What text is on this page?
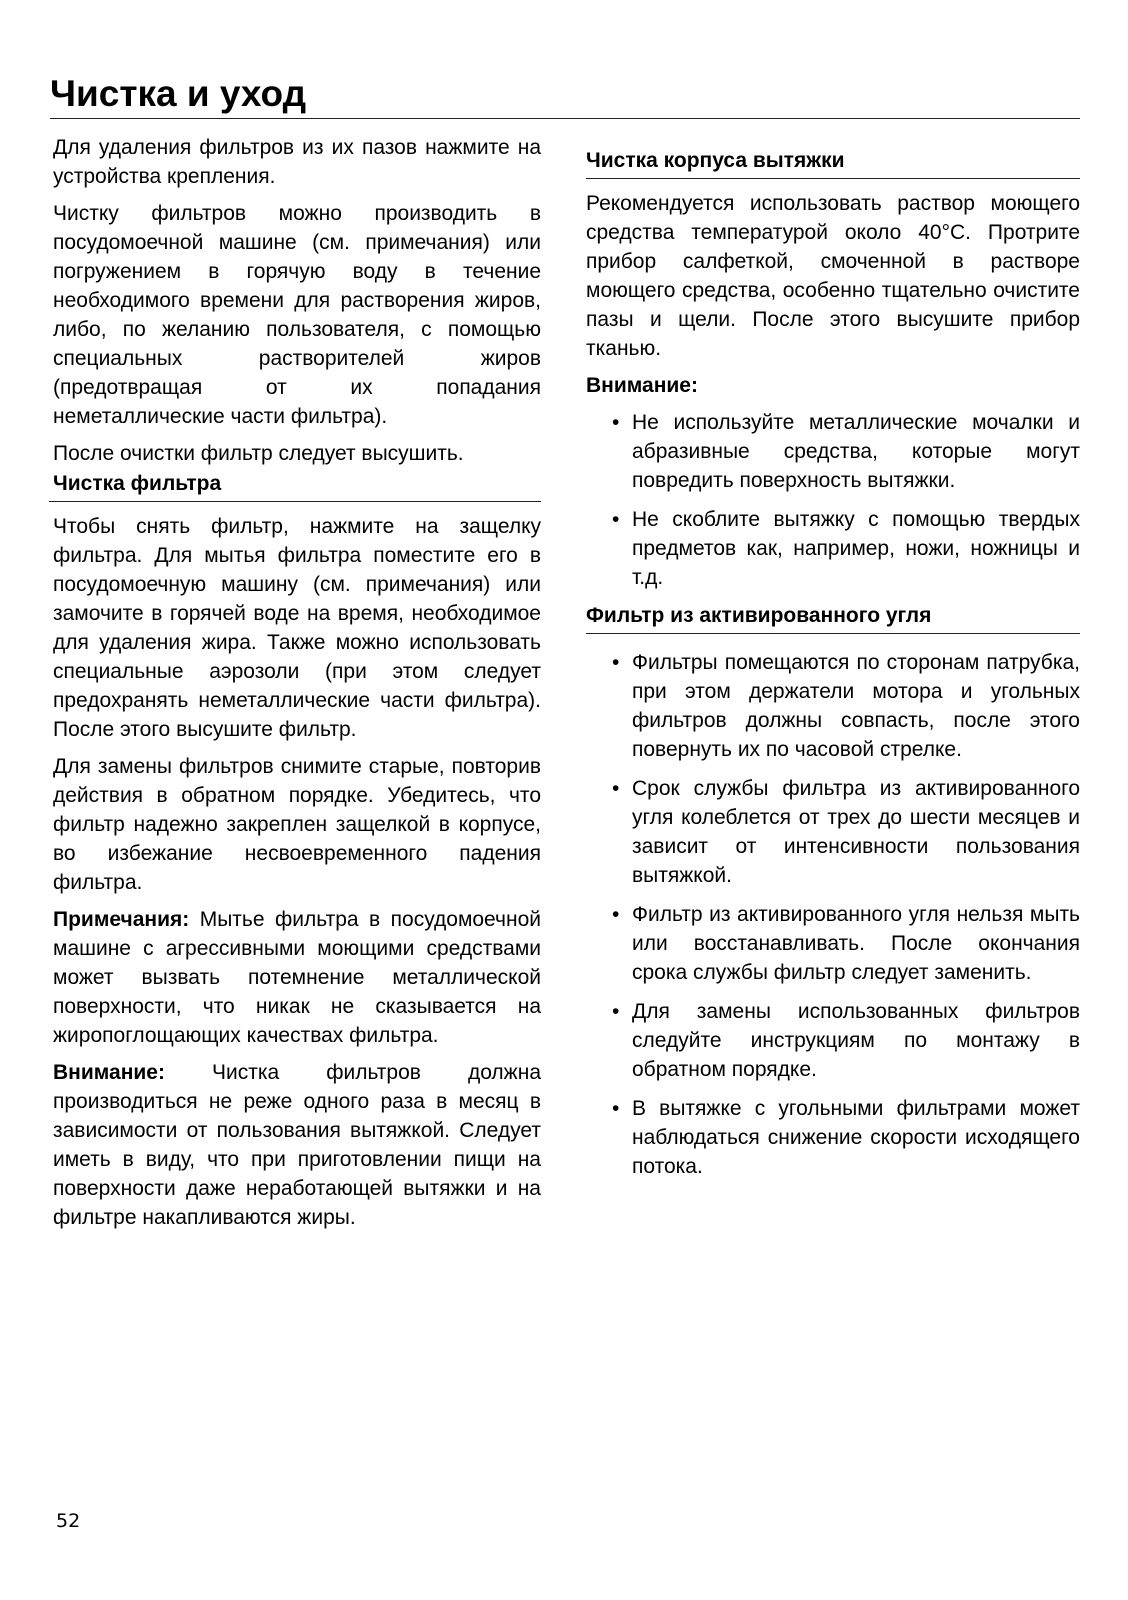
Чистка и уход

Для удаления фильтров из их пазов нажмите на устройства крепления.

Чистку фильтров можно производить в посудомоечной машине (см. примечания) или погружением в горячую воду в течение необходимого времени для растворения жиров, либо, по желанию пользователя, с помощью специальных растворителей жиров (предотвращая от их попадания неметаллические части фильтра).

После очистки фильтр следует высушить.

Чистка фильтра

Чтобы снять фильтр, нажмите на защелку фильтра. Для мытья фильтра поместите его в посудомоечную машину (см. примечания) или замочите в горячей воде на время, необходимое для удаления жира. Также можно использовать специальные аэрозоли (при этом следует предохранять неметаллические части фильтра). После этого высушите фильтр.

Для замены фильтров снимите старые, повторив действия в обратном порядке. Убедитесь, что фильтр надежно закреплен защелкой в корпусе, во избежание несвоевременного падения фильтра.

Примечания: Мытье фильтра в посудомоечной машине с агрессивными моющими средствами может вызвать потемнение металлической поверхности, что никак не сказывается на жиропоглощающих качествах фильтра.

Внимание: Чистка фильтров должна производиться не реже одного раза в месяц в зависимости от пользования вытяжкой. Следует иметь в виду, что при приготовлении пищи на поверхности даже неработающей вытяжки и на фильтре накапливаются жиры.

Чистка корпуса вытяжки

Рекомендуется использовать раствор моющего средства температурой около 40°C. Протрите прибор салфеткой, смоченной в растворе моющего средства, особенно тщательно очистите пазы и щели. После этого высушите прибор тканью.

Внимание:

• Не используйте металлические мочалки и абразивные средства, которые могут повредить поверхность вытяжки.
• Не скоблите вытяжку с помощью твердых предметов как, например, ножи, ножницы и т.д.
Фильтр из активированного угля
• Фильтры помещаются по сторонам патрубка, при этом держатели мотора и угольных фильтров должны совпасть, после этого повернуть их по часовой стрелке.
• Срок службы фильтра из активированного угля колеблется от трех до шести месяцев и зависит от интенсивности пользования вытяжкой.
• Фильтр из активированного угля нельзя мыть или восстанавливать. После окончания срока службы фильтр следует заменить.
• Для замены использованных фильтров следуйте инструкциям по монтажу в обратном порядке.
• В вытяжке с угольными фильтрами может наблюдаться снижение скорости исходящего потока.
52
